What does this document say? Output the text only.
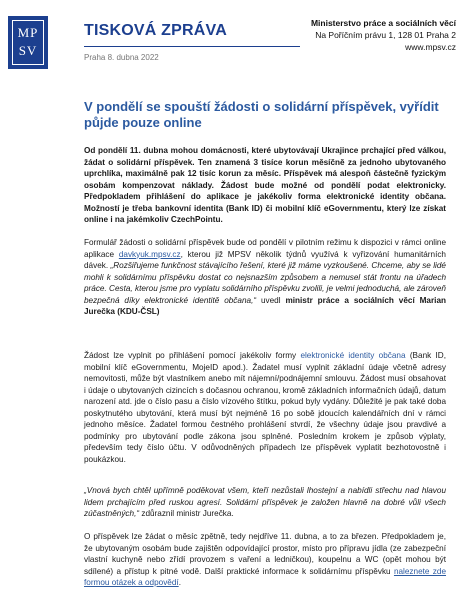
MP
SV
TISKOVÁ ZPRÁVA	Ministerstvo práce a sociálních věcí
Na Poříčním právu 1, 128 01 Praha 2
www.mpsv.cz
Praha 8. dubna 2022
V pondělí se spouští žádosti o solidární příspěvek, vyřídit půjde pouze online
Od pondělí 11. dubna mohou domácnosti, které ubytovávají Ukrajince prchající před válkou, žádat o solidární příspěvek. Ten znamená 3 tisíce korun měsíčně za jednoho ubytovaného uprchlíka, maximálně pak 12 tisíc korun za měsíc. Příspěvek má alespoň částečně fyzickým osobám kompenzovat náklady. Žádost bude možné od pondělí podat elektronicky. Předpokladem přihlášení do aplikace je jakékoliv forma elektronické identity občana. Možností je třeba bankovní identita (Bank ID) či mobilní klíč eGovernmentu, který lze získat online i na jakémkoliv CzechPointu.
Formulář žádosti o solidární příspěvek bude od pondělí v pilotním režimu k dispozici v rámci online aplikace davkyuk.mpsv.cz, kterou již MPSV několik týdnů využívá k vyřizování humanitárních dávek. „Rozšiřujeme funkčnost stávajícího řešení, které již máme vyzkoušené. Chceme, aby se lidé mohli k solidárnímu příspěvku dostat co nejsnazším způsobem a nemusel stát frontu na úřadech práce. Cesta, kterou jsme pro vyplatu solidárního příspěvku zvolili, je velmi jednoduchá, ale zároveň bezpečná díky elektronické identitě občana,“ uvedl ministr práce a sociálních věcí Marian Jurečka (KDU-ČSL)
Žádost lze vyplnit po přihlášení pomocí jakékoliv formy elektronické identity občana (Bank ID, mobilní klíč eGovernmentu, MojeID apod.). Žadatel musí vyplnit základní údaje včetně adresy nemovitosti, může být vlastníkem anebo mít nájemní/podnájemní smlouvu. Žádost musí obsahovat i údaje o ubytovaných cizincích s dočasnou ochranou, kromě základních informačních údajů, datum narození atd. jde o číslo pasu a číslo vízového štítku, pokud byly vydány. Důležité je pak také doba poskytnutého ubytování, která musí být nejméně 16 po sobě jdoucích kalendářních dní v rámci jednoho měsíce. Žadatel formou čestného prohlášení stvrdí, že všechny údaje jsou pravdivé a podmínky pro ubytování podle zákona jsou splněné. Posledním krokem je způsob výplaty, především tedy číslo účtu. V odůvodněných případech lze příspěvek vyplatit bezhotovostně i poukázkou.
„Vnová bych chtěl upřímně poděkovat všem, kteří nezůstali lhostejní a nabídli střechu nad hlavou lidem prchajícím před ruskou agresí. Solidární příspěvek je založen hlavně na dobré vůli všech zúčastněných,“ zdůraznil ministr Jurečka.
O příspěvek lze žádat o měsíc zpětně, tedy nejdříve 11. dubna, a to za březen. Předpokladem je, že ubytovaným osobám bude zajištěn odpovídající prostor, místo pro přípravu jídla (ze zabezpeční vlastní kuchyně nebo zřídí provozem s vaření a ledničkou), koupelnu a WC (opět mohou být sdílené) a přístup k pitné vodě. Další praktické informace k solidárnímu příspěvku naleznete zde formou otázek a odpovědí.
